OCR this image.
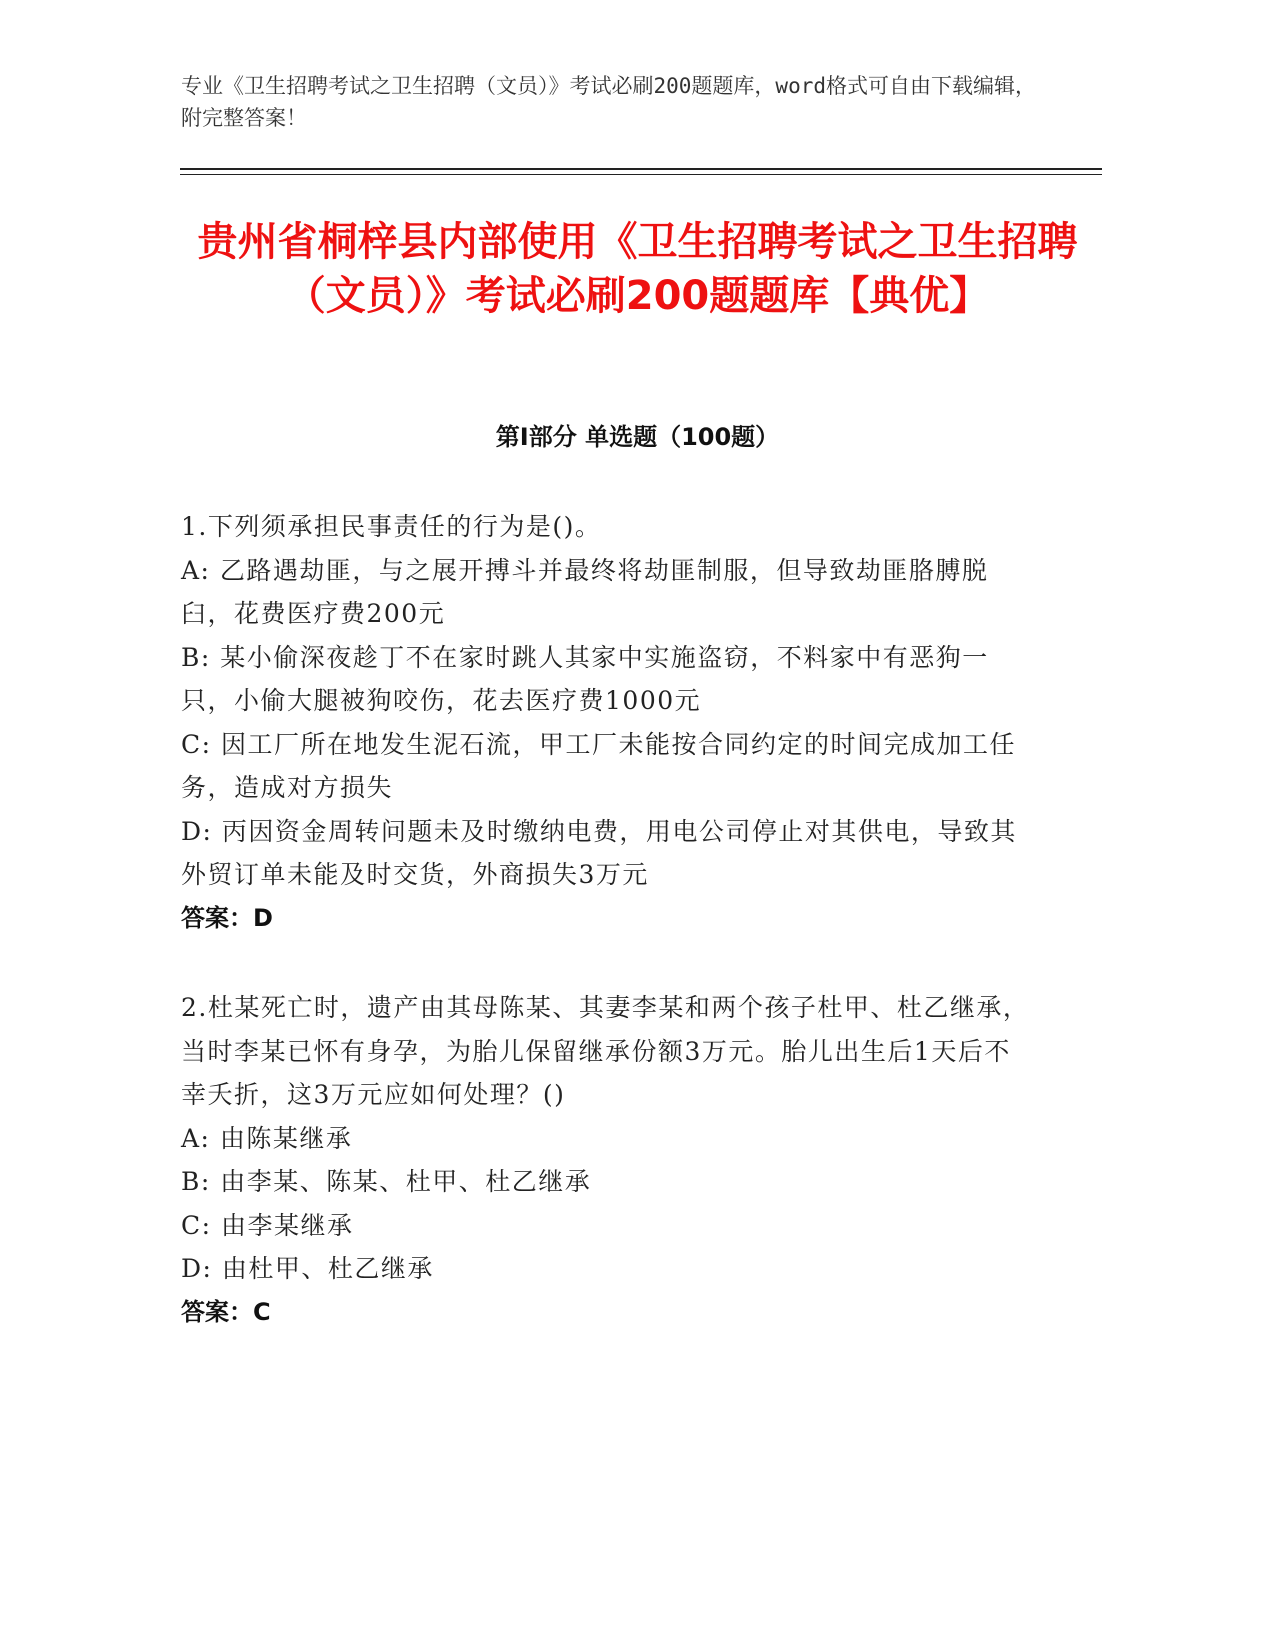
专业《卫生招聘考试之卫生招聘（文员）》考试必刷200题题库，word格式可自由下载编辑，附完整答案！
贵州省桐梓县内部使用《卫生招聘考试之卫生招聘（文员）》考试必刷200题题库【典优】
第I部分 单选题（100题）
1.下列须承担民事责任的行为是()。
A: 乙路遇劫匪，与之展开搏斗并最终将劫匪制服，但导致劫匪胳膊脱臼，花费医疗费200元
B: 某小偷深夜趁丁不在家时跳人其家中实施盗窃，不料家中有恶狗一只，小偷大腿被狗咬伤，花去医疗费1000元
C: 因工厂所在地发生泥石流，甲工厂未能按合同约定的时间完成加工任务，造成对方损失
D: 丙因资金周转问题未及时缴纳电费，用电公司停止对其供电，导致其外贸订单未能及时交货，外商损失3万元
答案：D
2.杜某死亡时，遗产由其母陈某、其妻李某和两个孩子杜甲、杜乙继承，当时李某已怀有身孕，为胎儿保留继承份额3万元。胎儿出生后1天后不幸夭折，这3万元应如何处理？()
A: 由陈某继承
B: 由李某、陈某、杜甲、杜乙继承
C: 由李某继承
D: 由杜甲、杜乙继承
答案：C
